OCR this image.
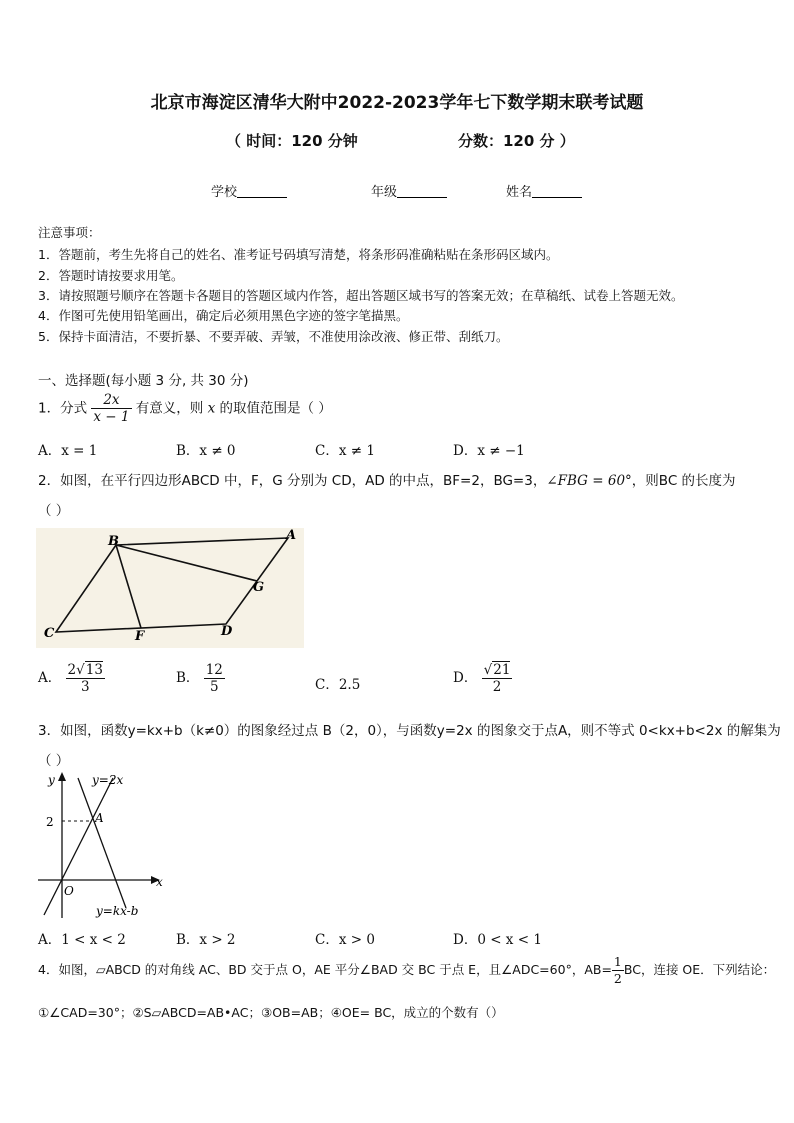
北京市海淀区清华大附中2022-2023学年七下数学期末联考试题
（ 时间：120 分钟	分数：120 分 ）
学校	年级	姓名
注意事项：
1．答题前，考生先将自己的姓名、准考证号码填写清楚，将条形码准确粘贴在条形码区域内。
2．答题时请按要求用笔。
3．请按照题号顺序在答题卡各题目的答题区域内作答，超出答题区域书写的答案无效；在草稿纸、试卷上答题无效。
4．作图可先使用铅笔画出，确定后必须用黑色字迹的签字笔描黑。
5．保持卡面清洁，不要折暴、不要弄破、弄皱，不准使用涂改液、修正带、刮纸刀。
一、选择题(每小题 3 分, 共 30 分)
1．分式 $\frac{2x}{x - 1}$ 有意义，则 x 的取值范围是（ ）
A．x = 1	B．x ≠ 0	C．x ≠ 1	D．x ≠ −1
2．如图，在平行四边形ABCD 中，F，G 分别为 CD，AD 的中点，BF=2，BG=3，∠FBG = 60°，则BC 的长度为
（ ）
B	A
G
C	F	D
A． $\frac{2√13}{3}$	B． $\frac{12}{5}$	C．2.5	D． $\frac{√21}{2}$
3．如图，函数y=kx+b（k≠0）的图象经过点 B（2，0），与函数y=2x 的图象交于点A，则不等式 0<kx+b<2x 的解集为
（ ）
y	y=2x
2	A
O
x
y=kx-b
A．1 < x < 2	B．x > 2	C．x > 0	D．0 < x < 1
4．如图，▱ABCD 的对角线 AC、BD 交于点 O，AE 平分∠BAD 交 BC 于点 E，且∠ADC=60°，$AB= \frac{1}{2}$ BC，连接 OE．下列结论：
①∠CAD=30°；②S▱ABCD=AB•AC；③OB=AB；④OE= BC，成立的个数有（）
